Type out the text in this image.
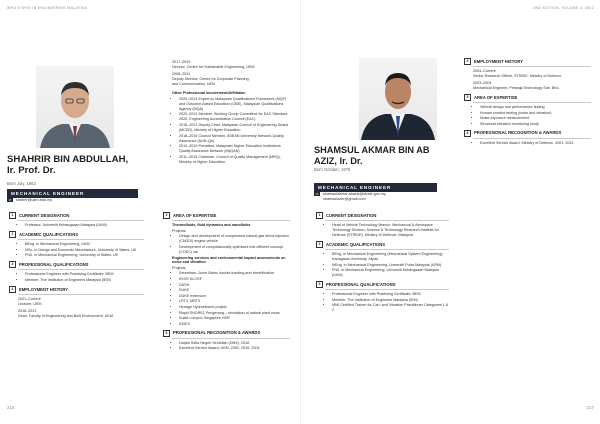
WHO'S WHO IN ENGINEERING MALAYSIA
SHAHRIR BIN ABDULLAH,
Ir. Prof. Dr.
Born July, 1963
MECHANICAL ENGINEER
✉ shahrir@ukm.edu.my

2017–2019

Director, Centre for Sustainable Engineering, UKM

2008–2011

Deputy Director, Centre for Corporate Planning

and Communication, UKM

Other Professional Involvement/Affiliation

• 2020–2021 Expert on Malaysian Qualifications Framework (MQF) and Outcome-Based Education (OBE), Malaysian Qualifications Agency (MQA)
• 2020–2021 Member, Working Group Committee for EAC Standard 2020, Engineering Accreditation Council (EAC)
• 2018–2021 Deputy Chair, Malaysian Council of Engineering Deans (MCED), Ministry of Higher Education
• 2018–2016 Council Member, ASEAN University Network-Quality Assurance (AUN-QA)
• 2014–2019 President, Malaysian Higher Education Institutions Quality Assurance Network (MyQAN)
• 2011–2015 Chairman, Council of Quality Management (MRQ), Ministry of Higher Education
1	CURRENT DESIGNATION
• Professor, Universiti Kebangsaan Malaysia (UKM)
2	ACADEMIC QUALIFICATIONS
• BEng. in Mechanical Engineering, UKM
• MSc. in Design and Economic Manufacture, University of Wales, UK
• PhD. in Mechanical Engineering, University of Wales, UK
3	PROFESSIONAL QUALIFICATIONS
• Professional Engineer with Practising Certificate, BEM
• Member, The Institution of Engineers Malaysia (IEM)
4	EMPLOYMENT HISTORY

2021–Current

Lecturer, UKM

2018–2021

Dean, Faculty of Engineering and Built Environment, UKM

5	AREA OF EXPERTISE

Thermofluids, fluid dynamics and nanofluids

Projects:

• Design and development of compressed natural gas direct injection (CNGDI) engine vehicle
• Development of computationally optimised fuel-efficient concept (COEC) car

Engineering services and environmental impact assessments on noise and vibration

Projects:

• Seremban–Johor Bahru double-tracking and electrification
• EKVE KLCRF
• DASH
• SUKE
• DUKE extension
• LRT3, MRT3
• Heriage Hydroelectric project
• Rapid SHORE1 Pengerang – simulation of natural plant noise
• Kuala Lumpur–Singapore HSR
• KIDEX
6	PROFESSIONAL RECOGNITION & AWARDS
• Darjah Setia Negeri Sembilan (DNS), 2018
• Excellent Service Award, UKM, 2002, 2010, 2004
216
2ND EDITION, VOLUME 4, 2022
SHAMSUL AKMAR BIN AB
AZIZ, Ir. Dr.
Born October, 1978
MECHANICAL ENGINEER
✉ shamsulakmar.abaziz@stride.gov.my
shamsulazhr@gmail.com
4	EMPLOYMENT HISTORY

2004–Current

Senior Research Officer, STRIDE, Ministry of Defence

2003–2004

Mechanical Engineer, Perwaja Technology Sdn. Bhd.

5	AREA OF EXPERTISE
• Vehicle design and performance testing
• Human comfort testing (noise and vibration)
• Noise exposure measurement
• Structural vibration monitoring study
6	PROFESSIONAL RECOGNITION & AWARDS
• Excellent Service Award, Ministry of Defence, 2001, 2012
1	CURRENT DESIGNATION
• Head of Vehicle Technology Branch, Mechanical & Aerospace Technology Division, Science & Technology Research Institute for Defence (STRIDE), Ministry of Defence, Malaysia
2	ACADEMIC QUALIFICATIONS
• BEng. in Mechanical Engineering (Mechanical System Engineering), Kanagawa University, Japan
• MEng. in Mechanical Engineering, Universiti Putra Malaysia (UPM)
• PhD. in Mechanical Engineering, Universiti Kebangsaan Malaysia (UKM)
3	PROFESSIONAL QUALIFICATIONS
• Professional Engineer with Practising Certificate, BEM
• Member, The Institution of Engineers Malaysia (IEM)
• MMI Certified Trainer for Cat I and Vibration Practitioner Categories 1 & 2
217
